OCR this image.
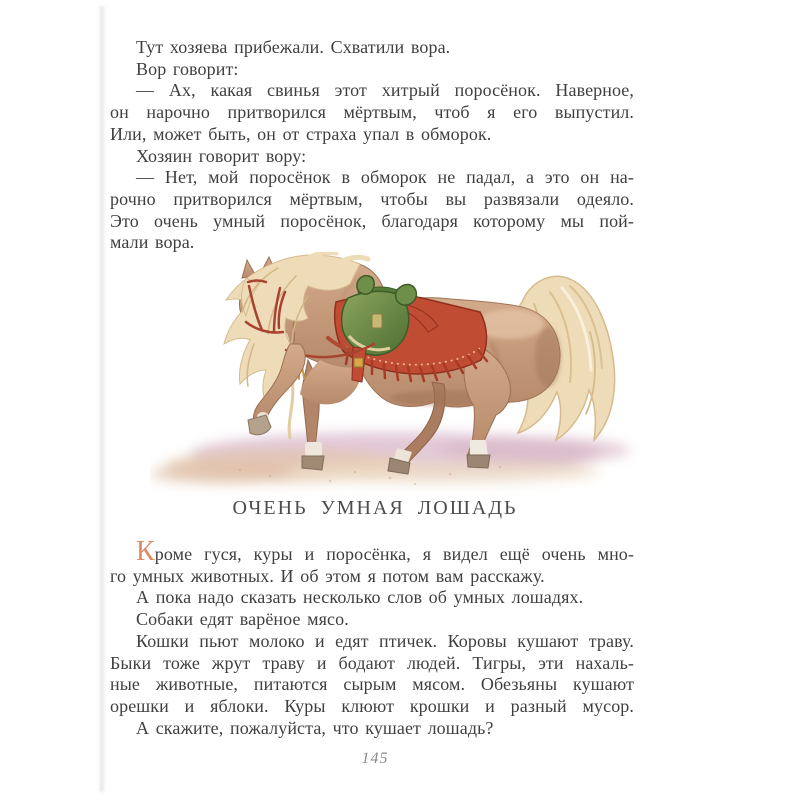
Тут хозяева прибежали. Схватили вора.
Вор говорит:
— Ах, какая свинья этот хитрый поросёнок. Наверное,
он нарочно притворился мёртвым, чтоб я его выпустил.
Или, может быть, он от страха упал в обморок.
Хозяин говорит вору:
— Нет, мой поросёнок в обморок не падал, а это он на-
рочно притворился мёртвым, чтобы вы развязали одеяло.
Это очень умный поросёнок, благодаря которому мы пой-
мали вора.
ОЧЕНЬ УМНАЯ ЛОШАДЬ
Кроме гуся, куры и поросёнка, я видел ещё очень мно-
го умных животных. И об этом я потом вам расскажу.
А пока надо сказать несколько слов об умных лошадях.
Собаки едят варёное мясо.
Кошки пьют молоко и едят птичек. Коровы кушают траву.
Быки тоже жрут траву и бодают людей. Тигры, эти нахаль-
ные животные, питаются сырым мясом. Обезьяны кушают
орешки и яблоки. Куры клюют крошки и разный мусор.
А скажите, пожалуйста, что кушает лошадь?
145
